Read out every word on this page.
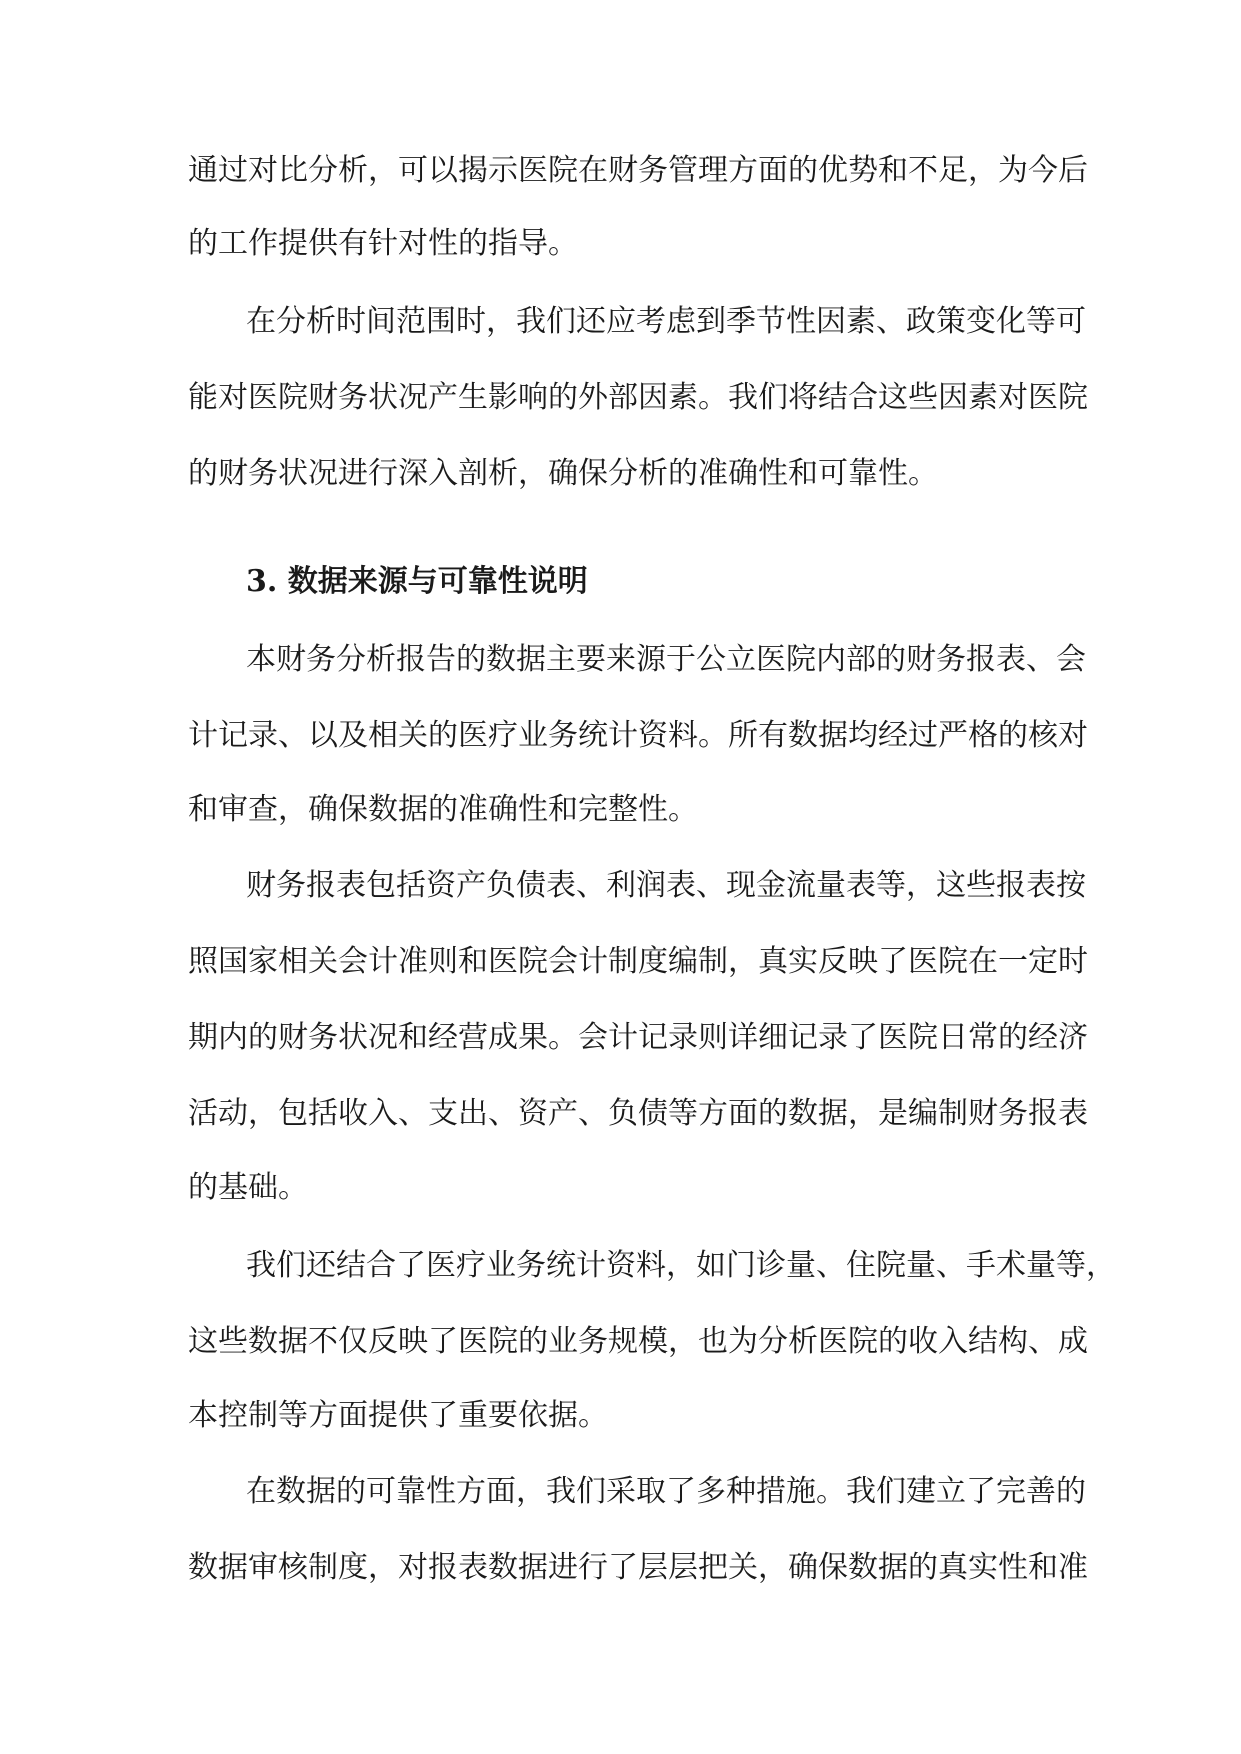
通过对比分析，可以揭示医院在财务管理方面的优势和不足，为今后
的工作提供有针对性的指导。
在分析时间范围时，我们还应考虑到季节性因素、政策变化等可
能对医院财务状况产生影响的外部因素。我们将结合这些因素对医院
的财务状况进行深入剖析，确保分析的准确性和可靠性。
3. 数据来源与可靠性说明
本财务分析报告的数据主要来源于公立医院内部的财务报表、会
计记录、以及相关的医疗业务统计资料。所有数据均经过严格的核对
和审查，确保数据的准确性和完整性。
财务报表包括资产负债表、利润表、现金流量表等，这些报表按
照国家相关会计准则和医院会计制度编制，真实反映了医院在一定时
期内的财务状况和经营成果。会计记录则详细记录了医院日常的经济
活动，包括收入、支出、资产、负债等方面的数据，是编制财务报表
的基础。
我们还结合了医疗业务统计资料，如门诊量、住院量、手术量等，
这些数据不仅反映了医院的业务规模，也为分析医院的收入结构、成
本控制等方面提供了重要依据。
在数据的可靠性方面，我们采取了多种措施。我们建立了完善的
数据审核制度，对报表数据进行了层层把关，确保数据的真实性和准
